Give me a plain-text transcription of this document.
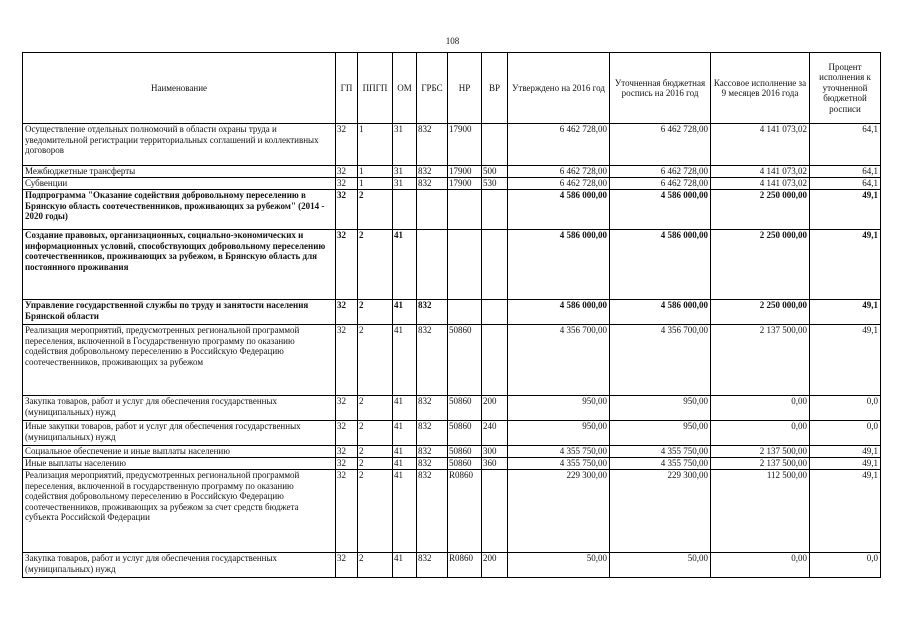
108
Наименование	ГП	ППГП	ОМ	ГРБС	НР	ВР	Утверждено на 2016 год	Уточненная бюджетная роспись на 2016 год	Кассовое исполнение за 9 месяцев 2016 года	Процент исполнения к уточненной бюджетной росписи
Осуществление отдельных полномочий в области охраны труда и уведомительной регистрации территориальных соглашений и коллективных договоров	32	1	31	832	17900		6 462 728,00	6 462 728,00	4 141 073,02	64,1
Межбюджетные трансферты	32	1	31	832	17900	500	6 462 728,00	6 462 728,00	4 141 073,02	64,1
Субвенции	32	1	31	832	17900	530	6 462 728,00	6 462 728,00	4 141 073,02	64,1
Подпрограмма "Оказание содействия добровольному переселению в Брянскую область соотечественников, проживающих за рубежом" (2014 - 2020 годы)	32	2					4 586 000,00	4 586 000,00	2 250 000,00	49,1
Создание правовых, организационных, социально-экономических и информационных условий, способствующих добровольному переселению соотечественников, проживающих за рубежом, в Брянскую область для постоянного проживания	32	2	41				4 586 000,00	4 586 000,00	2 250 000,00	49,1
Управление государственной службы по труду и занятости населения Брянской области	32	2	41	832			4 586 000,00	4 586 000,00	2 250 000,00	49,1
Реализация мероприятий, предусмотренных региональной программой переселения, включенной в Государственную программу по оказанию содействия добровольному переселению в Российскую Федерацию соотечественников, проживающих за рубежом	32	2	41	832	50860		4 356 700,00	4 356 700,00	2 137 500,00	49,1
Закупка товаров, работ и услуг для обеспечения государственных (муниципальных) нужд	32	2	41	832	50860	200	950,00	950,00	0,00	0,0
Иные закупки товаров, работ и услуг для обеспечения государственных (муниципальных) нужд	32	2	41	832	50860	240	950,00	950,00	0,00	0,0
Социальное обеспечение и иные выплаты населению	32	2	41	832	50860	300	4 355 750,00	4 355 750,00	2 137 500,00	49,1
Иные выплаты населению	32	2	41	832	50860	360	4 355 750,00	4 355 750,00	2 137 500,00	49,1
Реализация мероприятий, предусмотренных региональной программой переселения, включенной в государственную программу по оказанию содействия добровольному переселению в Российскую Федерацию соотечественников, проживающих за рубежом за счет средств бюджета субъекта Российской Федерации	32	2	41	832	R0860		229 300,00	229 300,00	112 500,00	49,1
Закупка товаров, работ и услуг для обеспечения государственных (муниципальных) нужд	32	2	41	832	R0860	200	50,00	50,00	0,00	0,0
